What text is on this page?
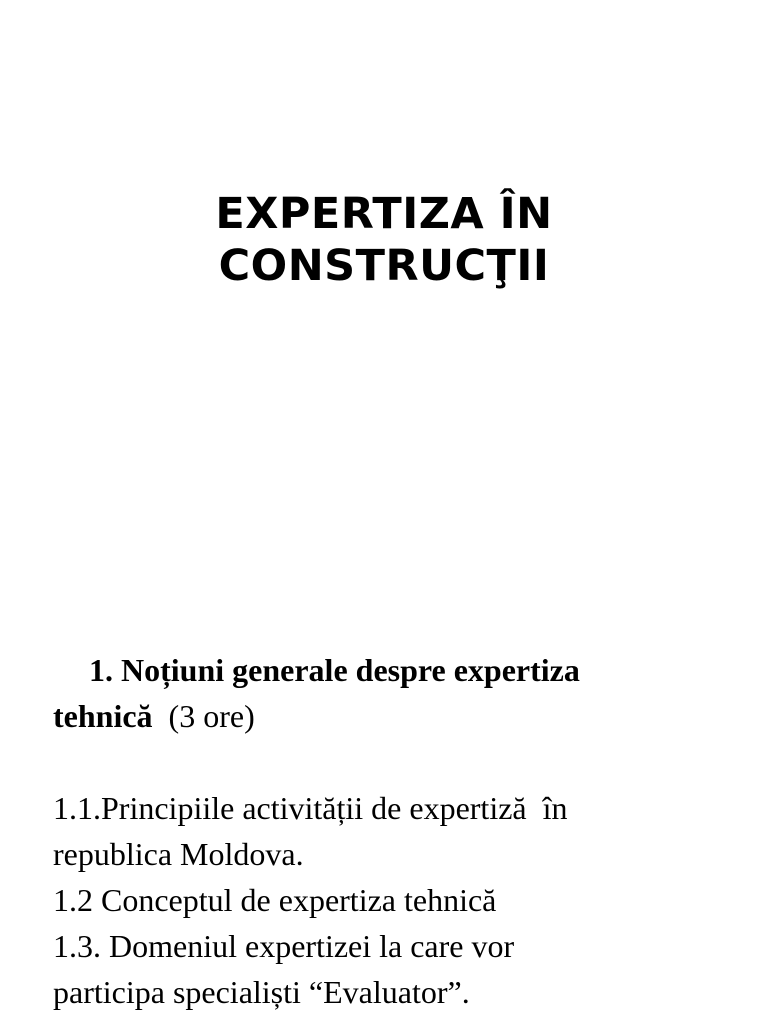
EXPERTIZA ÎN
CONSTRUCŢII

1. Noțiuni generale despre expertiza
tehnică  (3 ore)

1.1.Principiile activității de expertiză  în
republica Moldova.

1.2 Conceptul de expertiza tehnică

1.3. Domeniul expertizei la care vor
participa specialiști “Evaluator”.
